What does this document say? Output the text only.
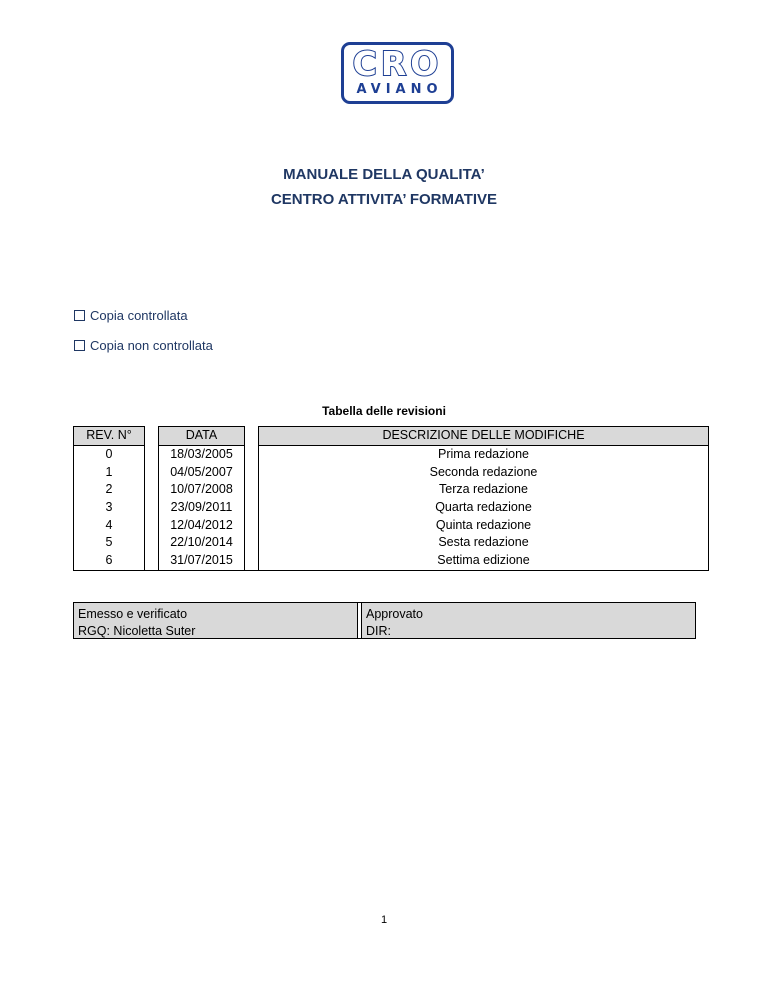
CRO
AVIANO
MANUALE DELLA QUALITA’
CENTRO ATTIVITA’ FORMATIVE
Copia controllata
Copia non controllata
Tabella delle revisioni
REV. N°		DATA		DESCRIZIONE DELLE MODIFICHE
0		18/03/2005		Prima redazione
1		04/05/2007		Seconda redazione
2		10/07/2008		Terza redazione
3		23/09/2011		Quarta redazione
4		12/04/2012		Quinta redazione
5		22/10/2014		Sesta redazione
6		31/07/2015		Settima edizione
Emesso e verificato
RGQ: Nicoletta Suter
Approvato
DIR:
1
